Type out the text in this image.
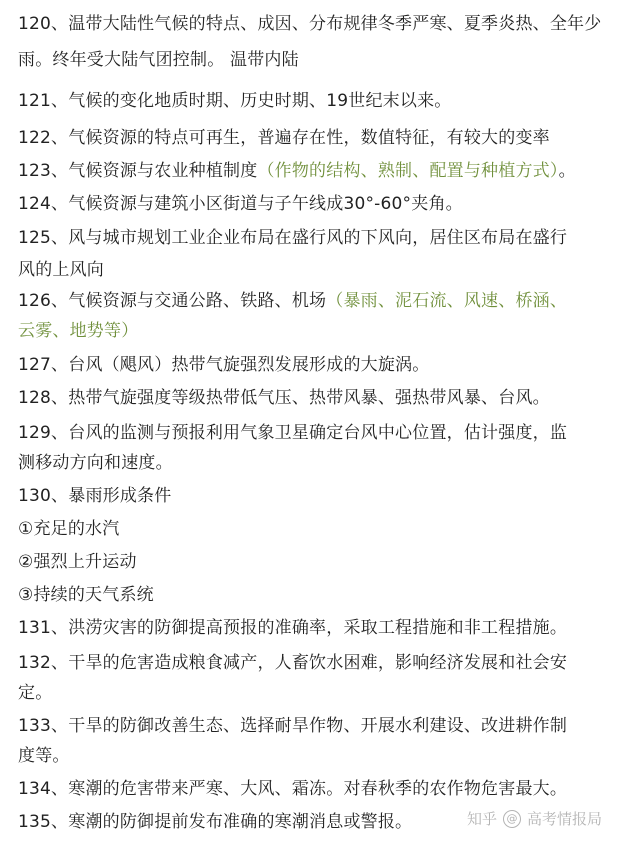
120、温带大陆性气候的特点、成因、分布规律冬季严寒、夏季炎热、全年少
雨。终年受大陆气团控制。 温带内陆
121、气候的变化地质时期、历史时期、19世纪末以来。
122、气候资源的特点可再生，普遍存在性，数值特征，有较大的变率
123、气候资源与农业种植制度（作物的结构、熟制、配置与种植方式）。
124、气候资源与建筑小区街道与子午线成30°-60°夹角。
125、风与城市规划工业企业布局在盛行风的下风向，居住区布局在盛行
风的上风向
126、气候资源与交通公路、铁路、机场（暴雨、泥石流、风速、桥涵、
云雾、地势等）
127、台风（飓风）热带气旋强烈发展形成的大旋涡。
128、热带气旋强度等级热带低气压、热带风暴、强热带风暴、台风。
129、台风的监测与预报利用气象卫星确定台风中心位置，估计强度，监
测移动方向和速度。
130、暴雨形成条件
①充足的水汽
②强烈上升运动
③持续的天气系统
131、洪涝灾害的防御提高预报的准确率，采取工程措施和非工程措施。
132、干旱的危害造成粮食减产，人畜饮水困难，影响经济发展和社会安
定。
133、干旱的防御改善生态、选择耐旱作物、开展水利建设、改进耕作制
度等。
134、寒潮的危害带来严寒、大风、霜冻。对春秋季的农作物危害最大。
135、寒潮的防御提前发布准确的寒潮消息或警报。	知乎 @ 高考情报局
